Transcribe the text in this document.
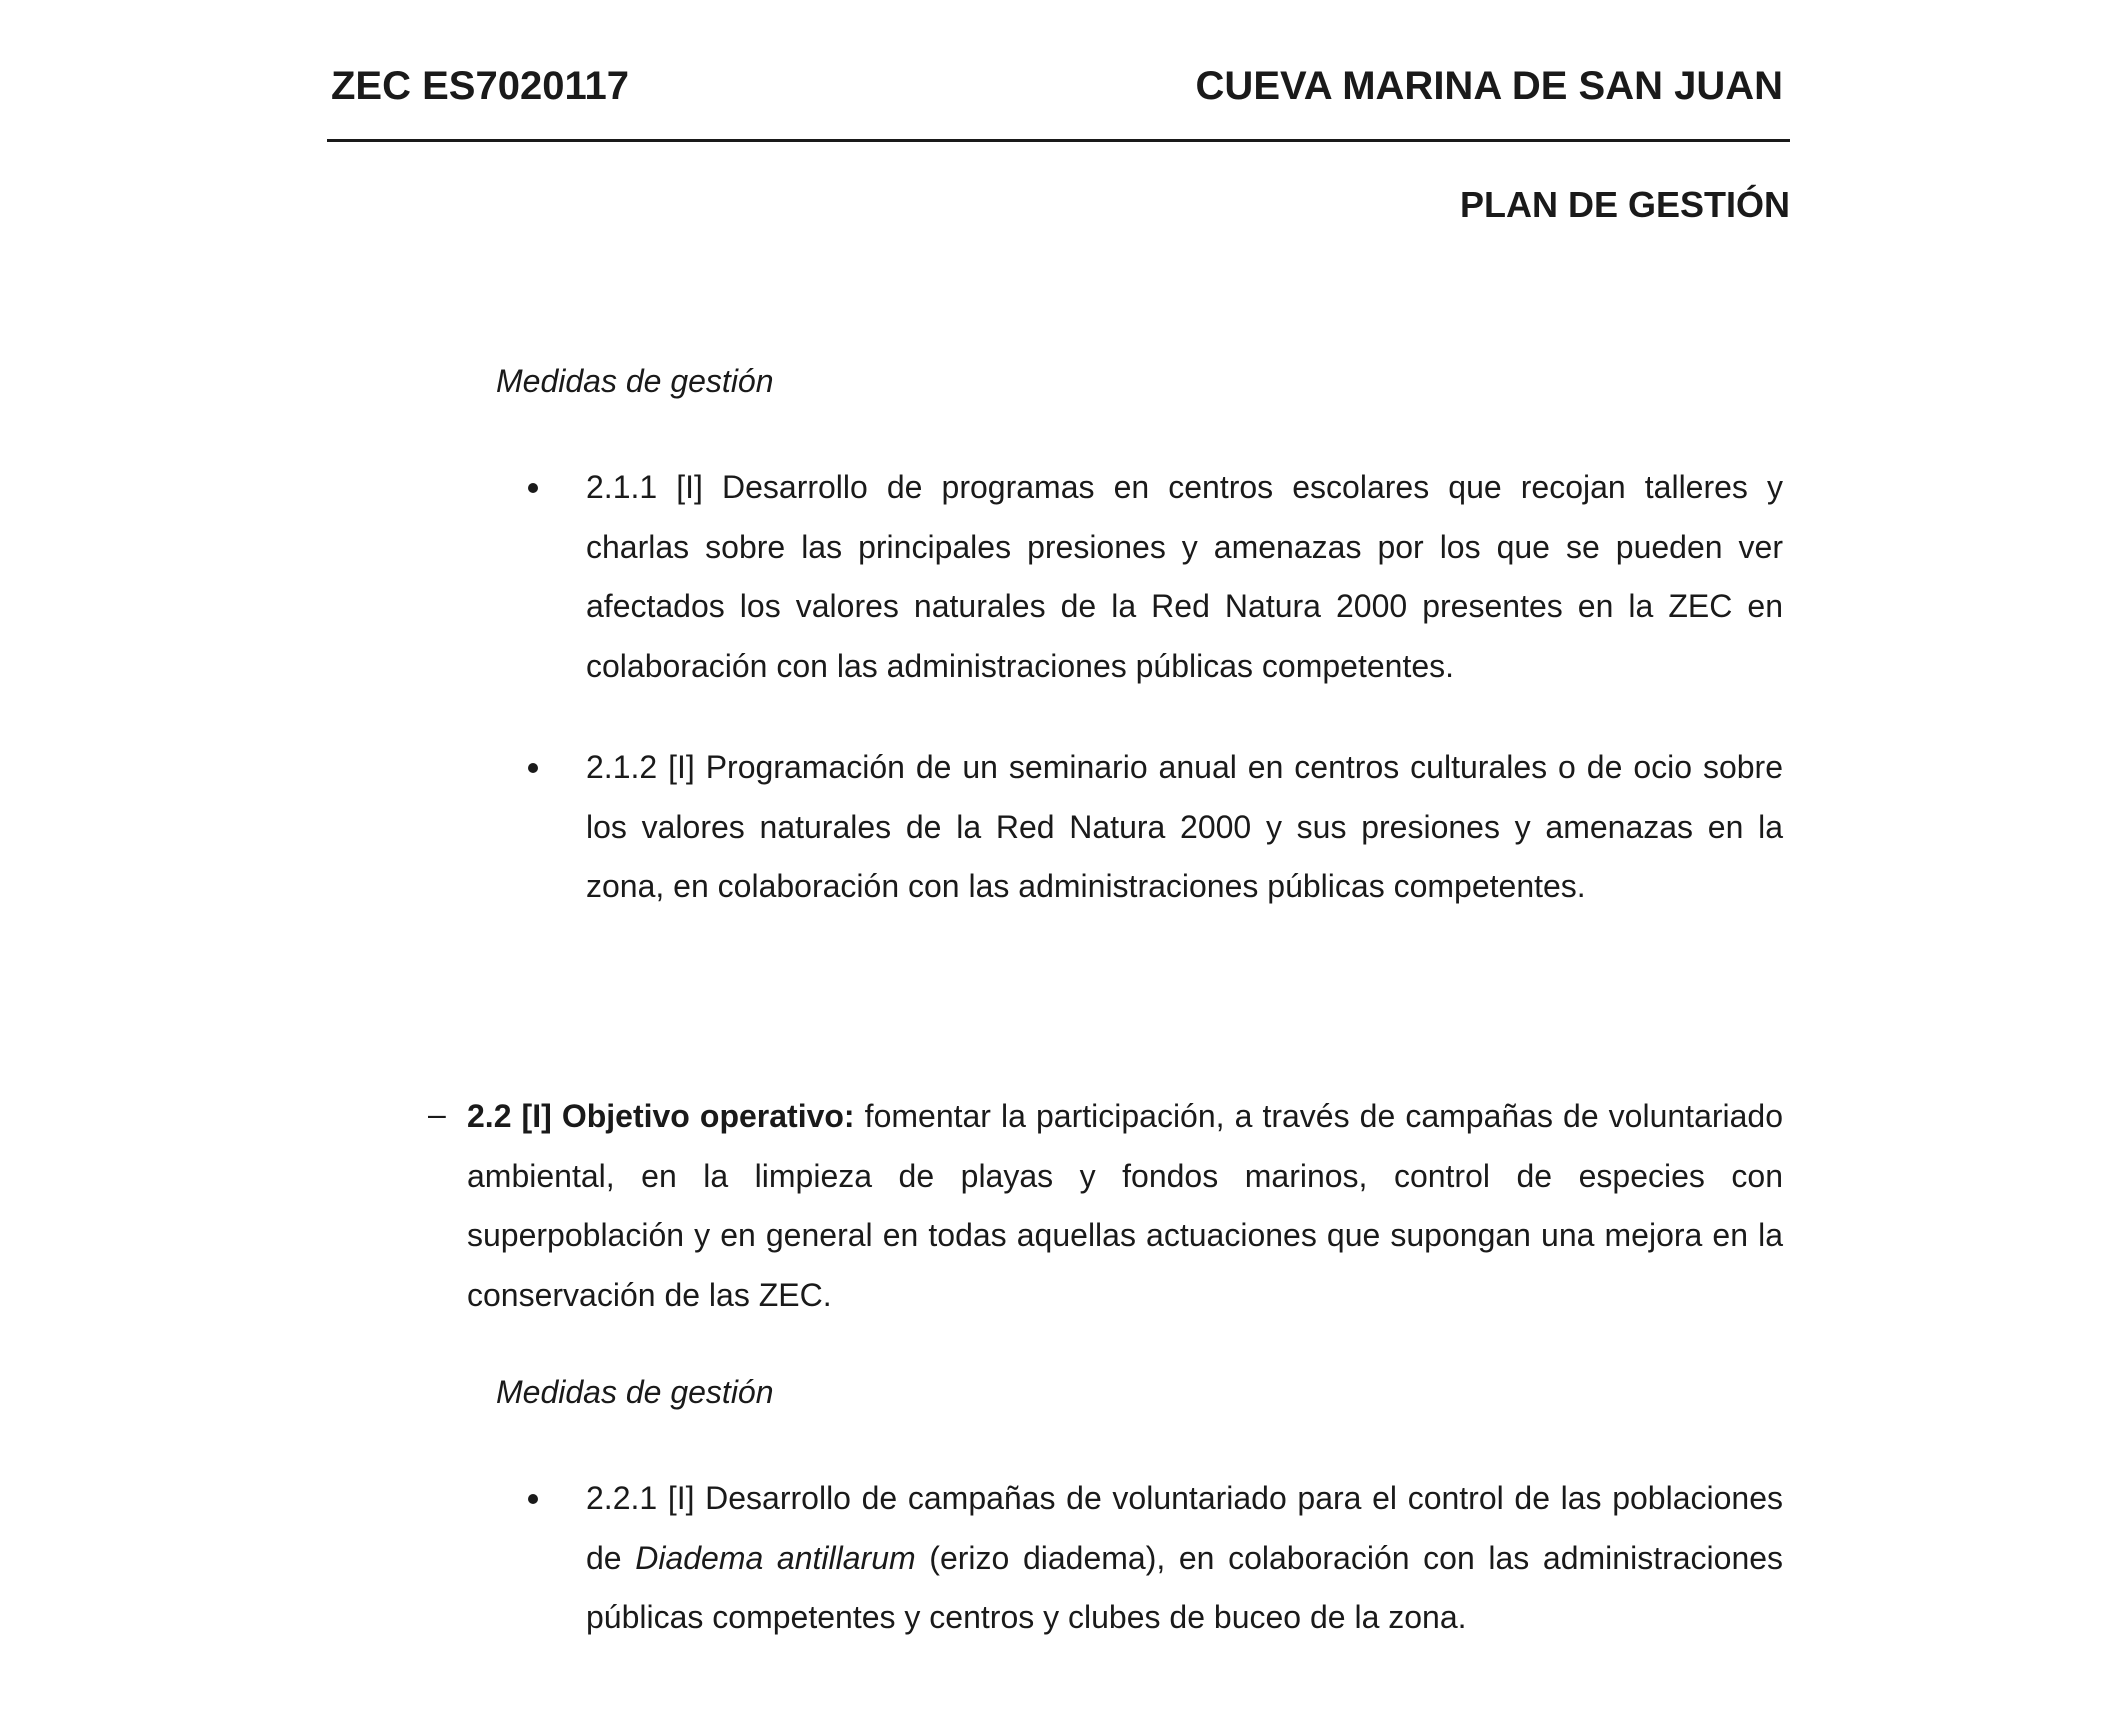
ZEC ES7020117	CUEVA MARINA DE SAN JUAN
PLAN DE GESTIÓN
Medidas de gestión
2.1.1 [I] Desarrollo de programas en centros escolares que recojan talleres y charlas sobre las principales presiones y amenazas por los que se pueden ver afectados los valores naturales de la Red Natura 2000 presentes en la ZEC en colaboración con las administraciones públicas competentes.
2.1.2 [I] Programación de un seminario anual en centros culturales o de ocio sobre los valores naturales de la Red Natura 2000 y sus presiones y amenazas en la zona, en colaboración con las administraciones públicas competentes.
– 2.2 [I] Objetivo operativo: fomentar la participación, a través de campañas de voluntariado ambiental, en la limpieza de playas y fondos marinos, control de especies con superpoblación y en general en todas aquellas actuaciones que supongan una mejora en la conservación de las ZEC.
Medidas de gestión
2.2.1 [I] Desarrollo de campañas de voluntariado para el control de las poblaciones de Diadema antillarum (erizo diadema), en colaboración con las administraciones públicas competentes y centros y clubes de buceo de la zona.
